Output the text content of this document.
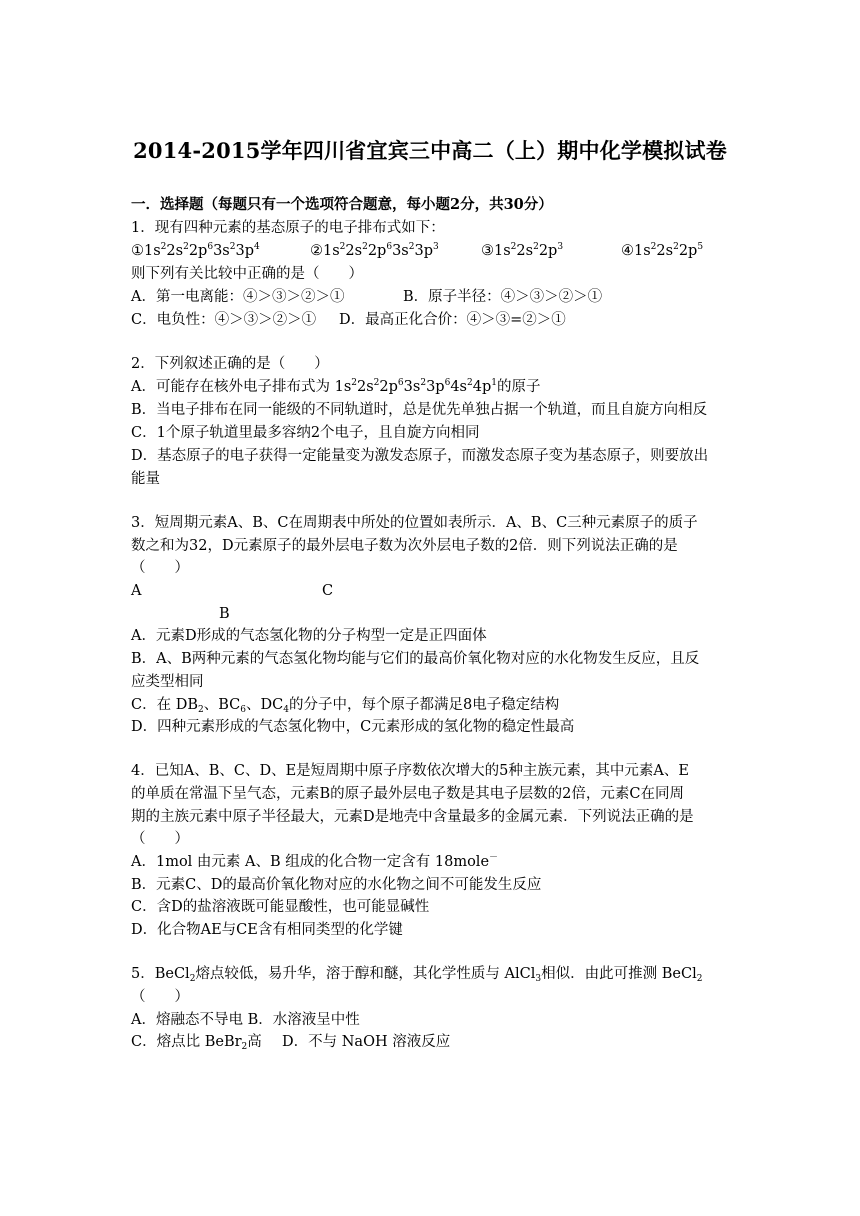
2014-2015学年四川省宜宾三中高二（上）期中化学模拟试卷
一．选择题（每题只有一个选项符合题意，每小题2分，共30分）
1．现有四种元素的基态原子的电子排布式如下：
$①1s^22s^22p^63s^23p^4$	$②1s^22s^22p^63s^23p^3$	$③1s^22s^22p^3$	$④1s^22s^22p^5$
则下列有关比较中正确的是（　　）
A．第一电离能：④＞③＞②＞①	B．原子半径：④＞③＞②＞①
C．电负性：④＞③＞②＞① D．最高正化合价：④＞③=②＞①
2．下列叙述正确的是（　　）
A．可能存在核外电子排布式为 $1s^22s^22p^63s^23p^64s^24p^1$的原子
B．当电子排布在同一能级的不同轨道时，总是优先单独占据一个轨道，而且自旋方向相反
C．1个原子轨道里最多容纳2个电子，且自旋方向相同
D．基态原子的电子获得一定能量变为激发态原子，而激发态原子变为基态原子，则要放出
能量
3．短周期元素A、B、C在周期表中所处的位置如表所示．A、B、C三种元素原子的质子
数之和为32，D元素原子的最外层电子数为次外层电子数的2倍．则下列说法正确的是
（　　）
A	C
B
A．元素D形成的气态氢化物的分子构型一定是正四面体
B．A、B两种元素的气态氢化物均能与它们的最高价氧化物对应的水化物发生反应，且反
应类型相同
C．在 $DB_2$、$BC_6$、$DC_4$的分子中，每个原子都满足8电子稳定结构
D．四种元素形成的气态氢化物中，C元素形成的氢化物的稳定性最高
4．已知A、B、C、D、E是短周期中原子序数依次增大的5种主族元素，其中元素A、E
的单质在常温下呈气态，元素B的原子最外层电子数是其电子层数的2倍，元素C在同周
期的主族元素中原子半径最大，元素D是地壳中含量最多的金属元素．下列说法正确的是
（　　）
A．1mol 由元素 A、B 组成的化合物一定含有 18mole－
B．元素C、D的最高价氧化物对应的水化物之间不可能发生反应
C．含D的盐溶液既可能显酸性，也可能显碱性
D．化合物AE与CE含有相同类型的化学键
5．BeCl$_2$熔点较低，易升华，溶于醇和醚，其化学性质与 AlCl$_3$相似．由此可推测 BeCl$_2$
（　　）
A．熔融态不导电 B．水溶液呈中性
C．熔点比 BeBr$_2$高 D．不与 NaOH 溶液反应
